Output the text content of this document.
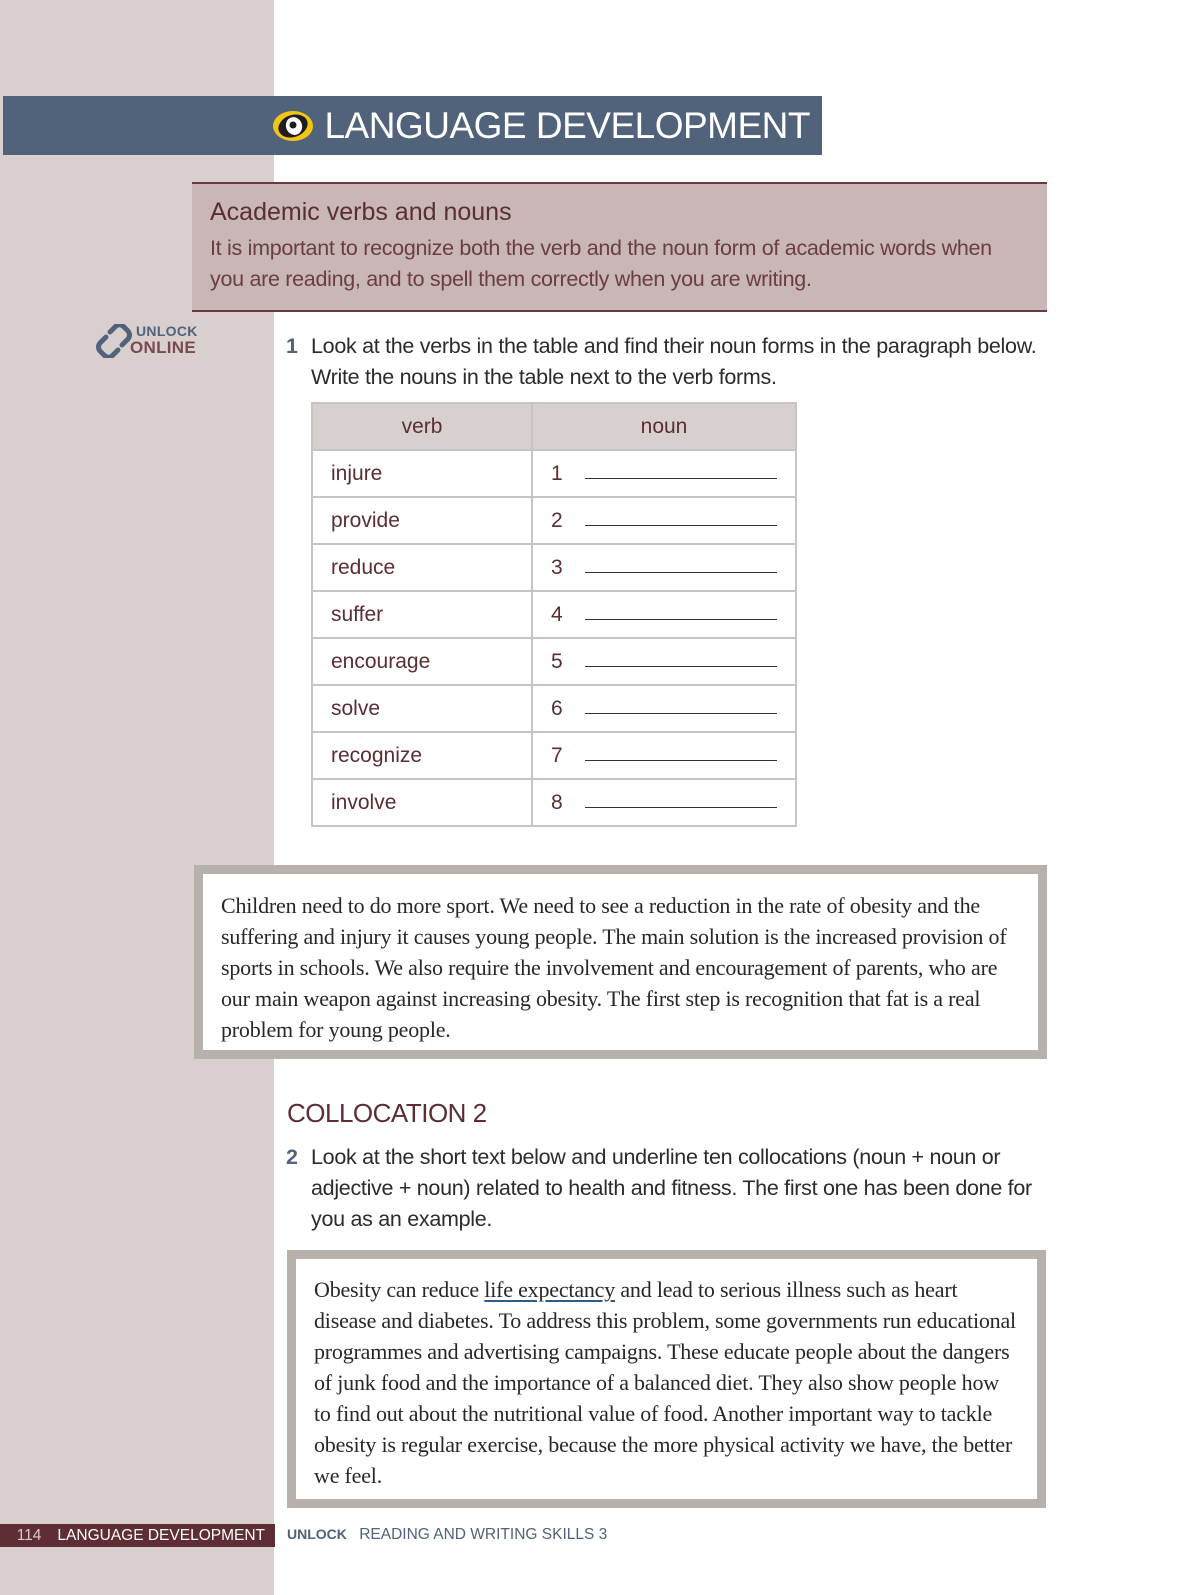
LANGUAGE DEVELOPMENT
UNLOCK
ONLINE

Academic verbs and nouns

It is important to recognize both the verb and the noun form of academic words when you are reading, and to spell them correctly when you are writing.

1 Look at the verbs in the table and find their noun forms in the paragraph below. Write the nouns in the table next to the verb forms.
verb	noun
injure	1
provide	2
reduce	3
suffer	4
encourage	5
solve	6
recognize	7
involve	8

Children need to do more sport. We need to see a reduction in the rate of obesity and the suffering and injury it causes young people. The main solution is the increased provision of sports in schools. We also require the involvement and encouragement of parents, who are our main weapon against increasing obesity. The first step is recognition that fat is a real problem for young people.

COLLOCATION 2
2 Look at the short text below and underline ten collocations (noun + noun or adjective + noun) related to health and fitness. The first one has been done for you as an example.

Obesity can reduce life expectancy and lead to serious illness such as heart disease and diabetes. To address this problem, some governments run educational programmes and advertising campaigns. These educate people about the dangers of junk food and the importance of a balanced diet. They also show people how to find out about the nutritional value of food. Another important way to tackle obesity is regular exercise, because the more physical activity we have, the better we feel.

114 LANGUAGE DEVELOPMENT UNLOCK READING AND WRITING SKILLS 3
